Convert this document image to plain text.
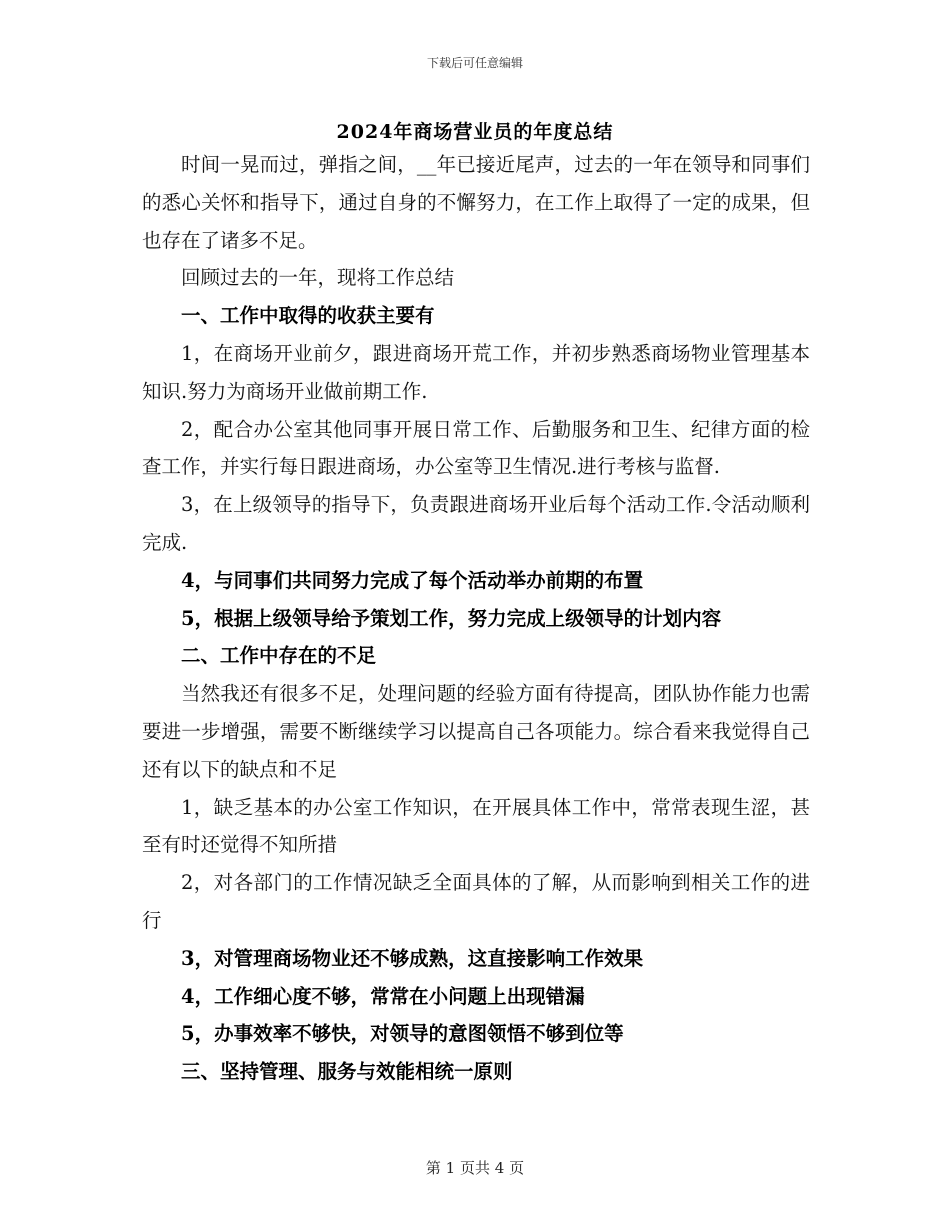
下载后可任意编辑
2024年商场营业员的年度总结

时间一晃而过，弹指之间，__年已接近尾声，过去的一年在领导和同事们的悉心关怀和指导下，通过自身的不懈努力，在工作上取得了一定的成果，但也存在了诸多不足。

回顾过去的一年，现将工作总结

一、工作中取得的收获主要有

1，在商场开业前夕，跟进商场开荒工作，并初步熟悉商场物业管理基本知识.努力为商场开业做前期工作.

2，配合办公室其他同事开展日常工作、后勤服务和卫生、纪律方面的检查工作，并实行每日跟进商场，办公室等卫生情况.进行考核与监督.

3，在上级领导的指导下，负责跟进商场开业后每个活动工作.令活动顺利完成.

4，与同事们共同努力完成了每个活动举办前期的布置

5，根据上级领导给予策划工作，努力完成上级领导的计划内容

二、工作中存在的不足

当然我还有很多不足，处理问题的经验方面有待提高，团队协作能力也需要进一步增强，需要不断继续学习以提高自己各项能力。综合看来我觉得自己还有以下的缺点和不足

1，缺乏基本的办公室工作知识，在开展具体工作中，常常表现生涩，甚至有时还觉得不知所措

2，对各部门的工作情况缺乏全面具体的了解，从而影响到相关工作的进行

3，对管理商场物业还不够成熟，这直接影响工作效果

4，工作细心度不够，常常在小问题上出现错漏

5，办事效率不够快，对领导的意图领悟不够到位等

三、坚持管理、服务与效能相统一原则

第 1 页共 4 页
